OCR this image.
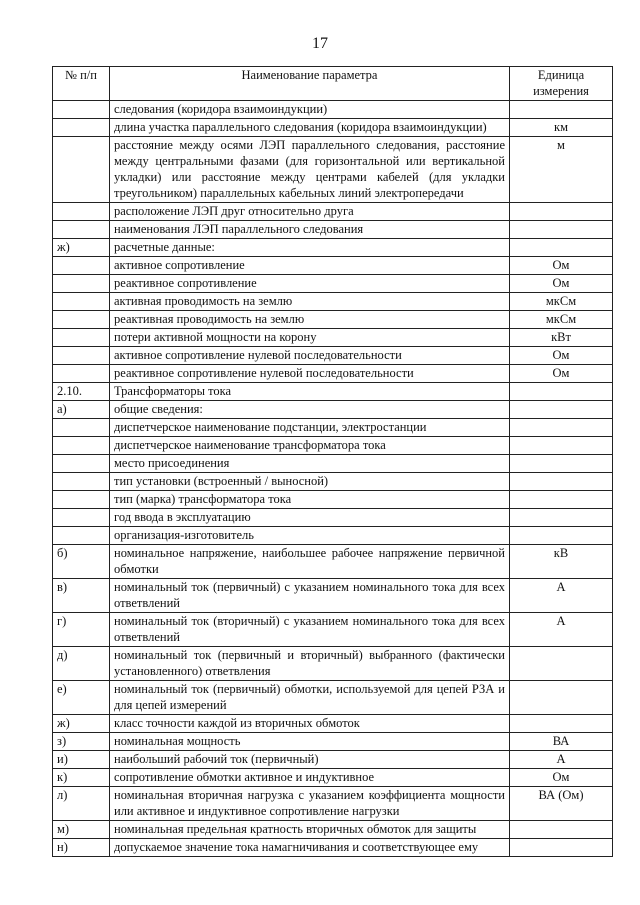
17
№ п/п	Наименование параметра	Единица измерения
	следования (коридора взаимоиндукции)	
	длина участка параллельного следования (коридора взаимоиндукции)	км
	расстояние между осями ЛЭП параллельного следования, расстояние между центральными фазами (для горизонтальной или вертикальной укладки) или расстояние между центрами кабелей (для укладки треугольником) параллельных кабельных линий электропередачи	м
	расположение ЛЭП друг относительно друга	
	наименования ЛЭП параллельного следования	
ж)	расчетные данные:	
	активное сопротивление	Ом
	реактивное сопротивление	Ом
	активная проводимость на землю	мкСм
	реактивная проводимость на землю	мкСм
	потери активной мощности на корону	кВт
	активное сопротивление нулевой последовательности	Ом
	реактивное сопротивление нулевой последовательности	Ом
2.10.	Трансформаторы тока	
а)	общие сведения:	
	диспетчерское наименование подстанции, электростанции	
	диспетчерское наименование трансформатора тока	
	место присоединения	
	тип установки (встроенный / выносной)	
	тип (марка) трансформатора тока	
	год ввода в эксплуатацию	
	организация-изготовитель	
б)	номинальное напряжение, наибольшее рабочее напряжение первичной обмотки	кВ
в)	номинальный ток (первичный) с указанием номинального тока для всех ответвлений	А
г)	номинальный ток (вторичный) с указанием номинального тока для всех ответвлений	А
д)	номинальный ток (первичный и вторичный) выбранного (фактически установленного) ответвления	
е)	номинальный ток (первичный) обмотки, используемой для цепей РЗА и для цепей измерений	
ж)	класс точности каждой из вторичных обмоток	
з)	номинальная мощность	ВА
и)	наибольший рабочий ток (первичный)	А
к)	сопротивление обмотки активное и индуктивное	Ом
л)	номинальная вторичная нагрузка с указанием коэффициента мощности или активное и индуктивное сопротивление нагрузки	ВА (Ом)
м)	номинальная предельная кратность вторичных обмоток для защиты	
н)	допускаемое значение тока намагничивания и соответствующее ему	
